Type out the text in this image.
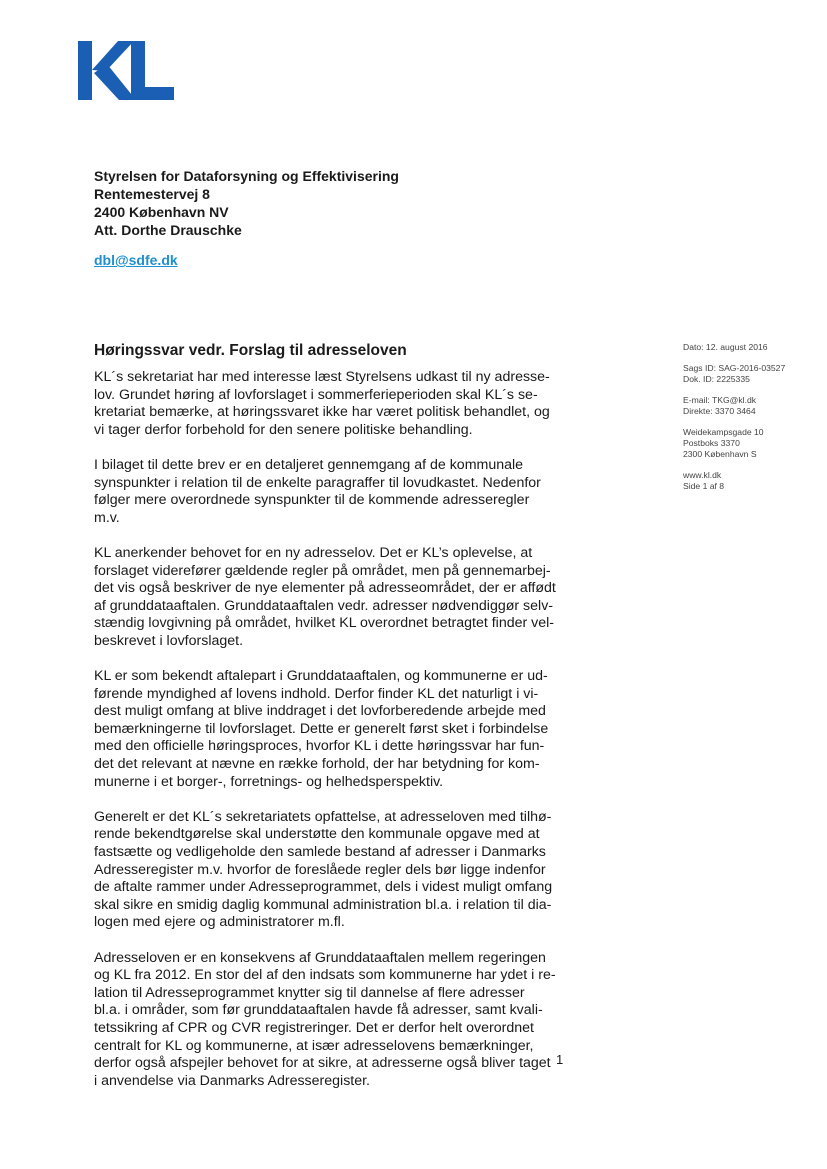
Styrelsen for Dataforsyning og Effektivisering
Rentemestervej 8
2400 København NV
Att. Dorthe Drauschke
dbl@sdfe.dk
Høringssvar vedr. Forslag til adresseloven	Dato: 12. august 2016
Sags ID: SAG-2016-03527
Dok. ID: 2225335
E-mail: TKG@kl.dk
Direkte: 3370 3464
Weidekampsgade 10
Postboks 3370
2300 København S
www.kl.dk
Side 1 af 8
KL´s sekretariat har med interesse læst Styrelsens udkast til ny adresse-
lov. Grundet høring af lovforslaget i sommerferieperioden skal KL´s se-
kretariat bemærke, at høringssvaret ikke har været politisk behandlet, og
vi tager derfor forbehold for den senere politiske behandling.
I bilaget til dette brev er en detaljeret gennemgang af de kommunale
synspunkter i relation til de enkelte paragraffer til lovudkastet. Nedenfor
følger mere overordnede synspunkter til de kommende adresseregler
m.v.
KL anerkender behovet for en ny adresselov. Det er KL’s oplevelse, at
forslaget viderefører gældende regler på området, men på gennemarbej-
det vis også beskriver de nye elementer på adresseområdet, der er affødt
af grunddataaftalen. Grunddataaftalen vedr. adresser nødvendiggør selv-
stændig lovgivning på området, hvilket KL overordnet betragtet finder vel-
beskrevet i lovforslaget.
KL er som bekendt aftalepart i Grunddataaftalen, og kommunerne er ud-
førende myndighed af lovens indhold. Derfor finder KL det naturligt i vi-
dest muligt omfang at blive inddraget i det lovforberedende arbejde med
bemærkningerne til lovforslaget. Dette er generelt først sket i forbindelse
med den officielle høringsproces, hvorfor KL i dette høringssvar har fun-
det det relevant at nævne en række forhold, der har betydning for kom-
munerne i et borger-, forretnings- og helhedsperspektiv.
Generelt er det KL´s sekretariatets opfattelse, at adresseloven med tilhø-
rende bekendtgørelse skal understøtte den kommunale opgave med at
fastsætte og vedligeholde den samlede bestand af adresser i Danmarks
Adresseregister m.v. hvorfor de foreslåede regler dels bør ligge indenfor
de aftalte rammer under Adresseprogrammet, dels i videst muligt omfang
skal sikre en smidig daglig kommunal administration bl.a. i relation til dia-
logen med ejere og administratorer m.fl.
Adresseloven er en konsekvens af Grunddataaftalen mellem regeringen
og KL fra 2012. En stor del af den indsats som kommunerne har ydet i re-
lation til Adresseprogrammet knytter sig til dannelse af flere adresser
bl.a. i områder, som før grunddataaftalen havde få adresser, samt kvali-
tetssikring af CPR og CVR registreringer. Det er derfor helt overordnet
centralt for KL og kommunerne, at især adresselovens bemærkninger,
derfor også afspejler behovet for at sikre, at adresserne også bliver taget
i anvendelse via Danmarks Adresseregister.
1
